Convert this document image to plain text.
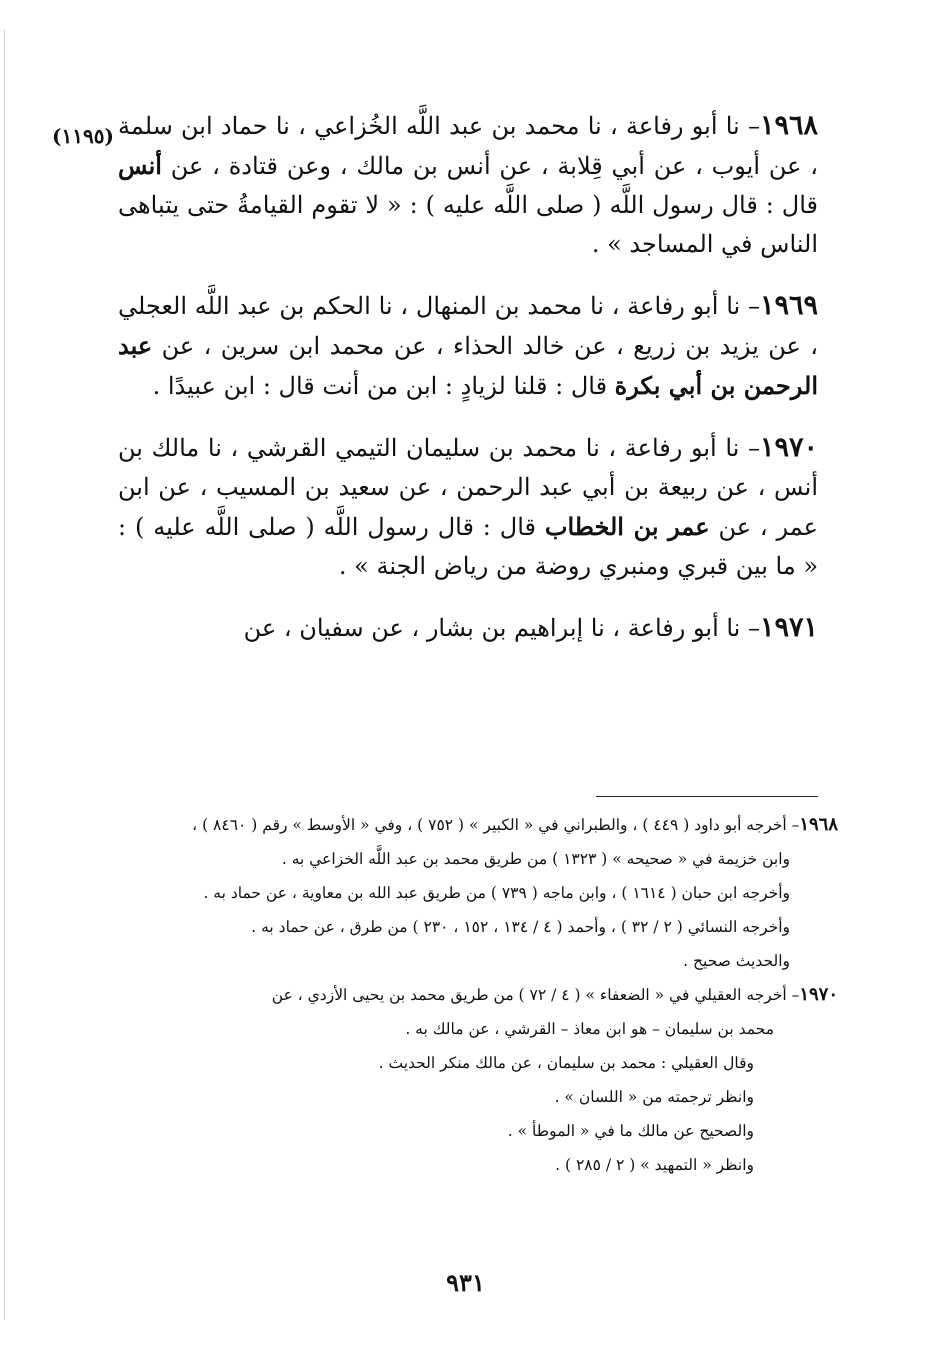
(١١٩٥)	١٩٦٨– نا أبو رفاعة ، نا محمد بن عبد اللَّه الخُزاعي ، نا حماد ابن سلمة ، عن أيوب ، عن أبي قِلابة ، عن أنس بن مالك ، وعن قتادة ، عن أنس قال : قال رسول اللَّه ( صلى اللَّه عليه ) : « لا تقوم القيامةُ حتى يتباهى الناس في المساجد » .

١٩٦٩– نا أبو رفاعة ، نا محمد بن المنهال ، نا الحكم بن عبد اللَّه العجلي ، عن يزيد بن زريع ، عن خالد الحذاء ، عن محمد ابن سرين ، عن عبد الرحمن بن أبي بكرة قال : قلنا لزيادٍ : ابن من أنت قال : ابن عبيدًا .

١٩٧٠– نا أبو رفاعة ، نا محمد بن سليمان التيمي القرشي ، نا مالك بن أنس ، عن ربيعة بن أبي عبد الرحمن ، عن سعيد بن المسيب ، عن ابن عمر ، عن عمر بن الخطاب قال : قال رسول اللَّه ( صلى اللَّه عليه ) : « ما بين قبري ومنبري روضة من رياض الجنة » .

١٩٧١– نا أبو رفاعة ، نا إبراهيم بن بشار ، عن سفيان ، عن

١٩٦٨– أخرجه أبو داود ( ٤٤٩ ) ، والطبراني في « الكبير » ( ٧٥٢ ) ، وفي « الأوسط » رقم ( ٨٤٦٠ ) ،
وابن خزيمة في « صحيحه » ( ١٣٢٣ ) من طريق محمد بن عبد اللَّه الخزاعي به .
وأخرجه ابن حبان ( ١٦١٤ ) ، وابن ماجه ( ٧٣٩ ) من طريق عبد الله بن معاوية ، عن حماد به .
وأخرجه النسائي ( ٢ / ٣٢ ) ، وأحمد ( ٤ / ١٣٤ ، ١٥٢ ، ٢٣٠ ) من طرق ، عن حماد به .
والحديث صحيح .
١٩٧٠– أخرجه العقيلي في « الضعفاء » ( ٤ / ٧٢ ) من طريق محمد بن يحيى الأزدي ، عن
محمد بن سليمان – هو ابن معاذ – القرشي ، عن مالك به .
وقال العقيلي : محمد بن سليمان ، عن مالك منكر الحديث .
وانظر ترجمته من « اللسان » .
والصحيح عن مالك ما في « الموطأ » .
وانظر « التمهيد » ( ٢ / ٢٨٥ ) .
٩٣١
